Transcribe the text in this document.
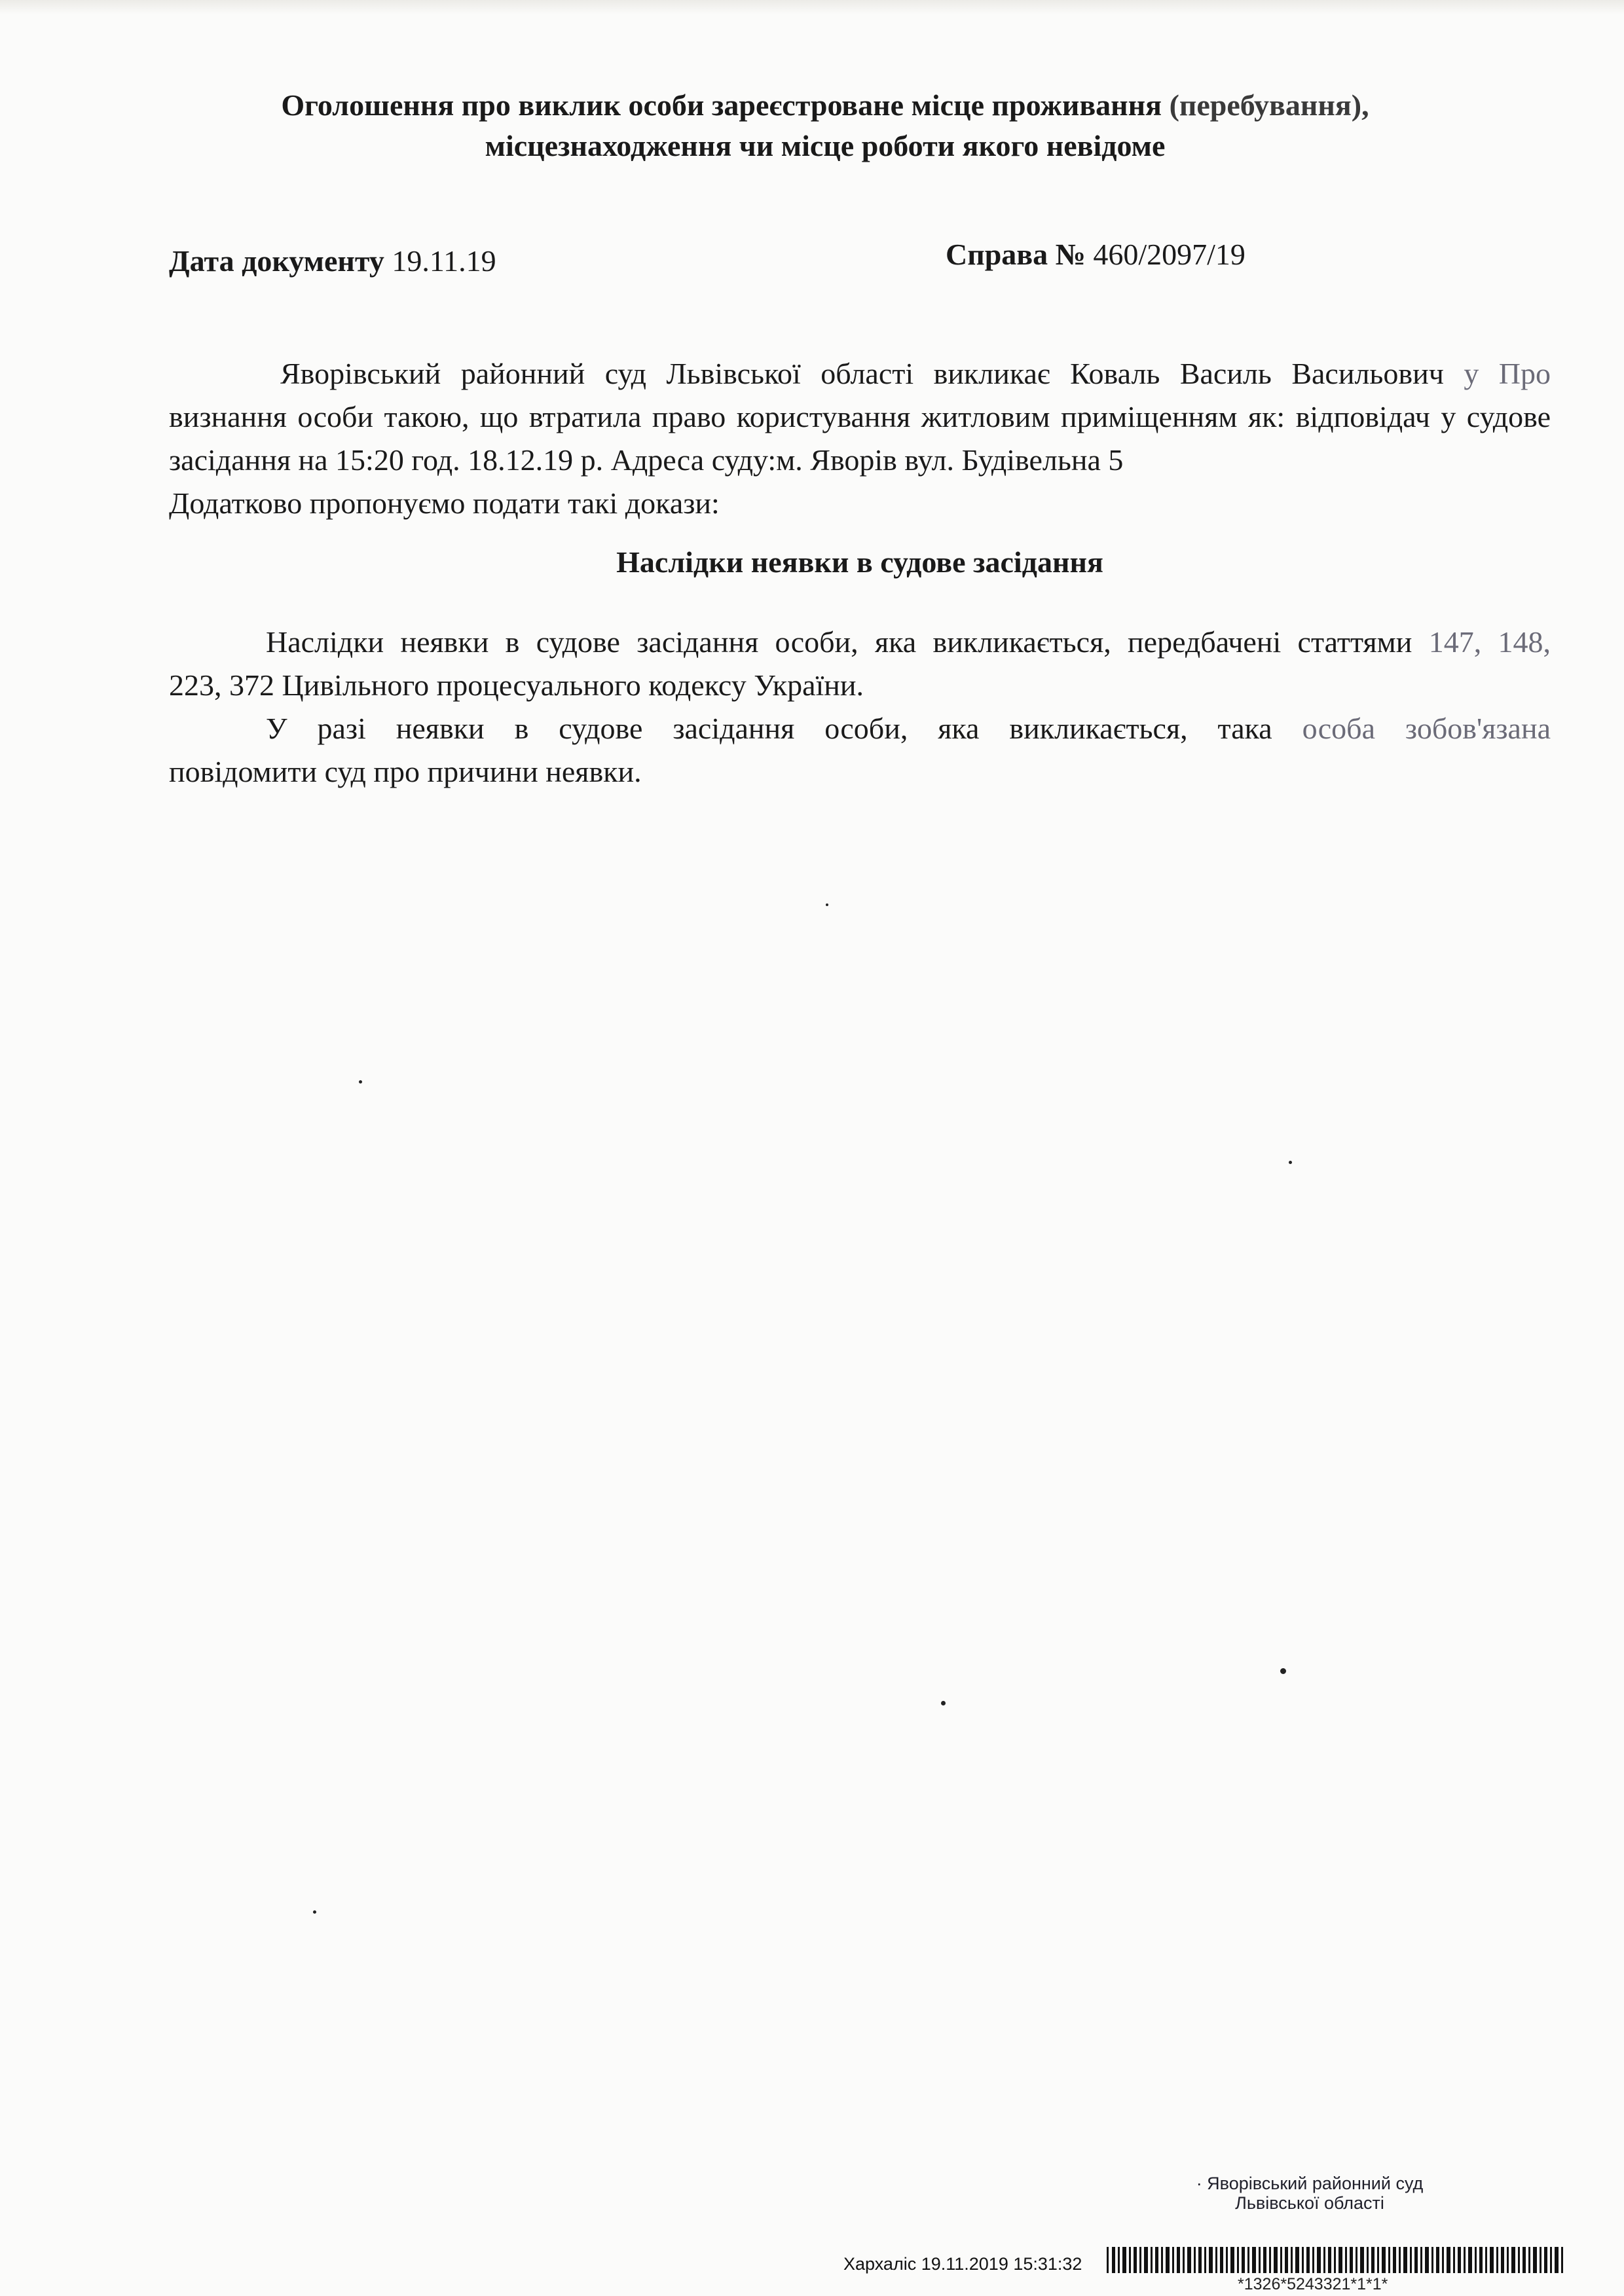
Оголошення про виклик особи зареєстроване місце проживання (перебування),
місцезнаходження чи місце роботи якого невідоме
Дата документу 19.11.19	Справа № 460/2097/19
Яворівський районний суд Львівської області викликає Коваль Василь Васильович у Про визнання особи такою, що втратила право користування житловим приміщенням як: відповідач у судове засідання на 15:20 год. 18.12.19 р. Адреса суду:м. Яворів вул. Будівельна 5
Додатково пропонуємо подати такі докази:
Наслідки неявки в судове засідання
Наслідки неявки в судове засідання особи, яка викликається, передбачені статтями 147, 148,
223, 372 Цивільного процесуального кодексу України.
У разі неявки в судове засідання особи, яка викликається, така особа зобов'язана
повідомити суд про причини неявки.
· Яворівський районний суд
Львівської області
Хархаліс 19.11.2019 15:31:32
*1326*5243321*1*1*
